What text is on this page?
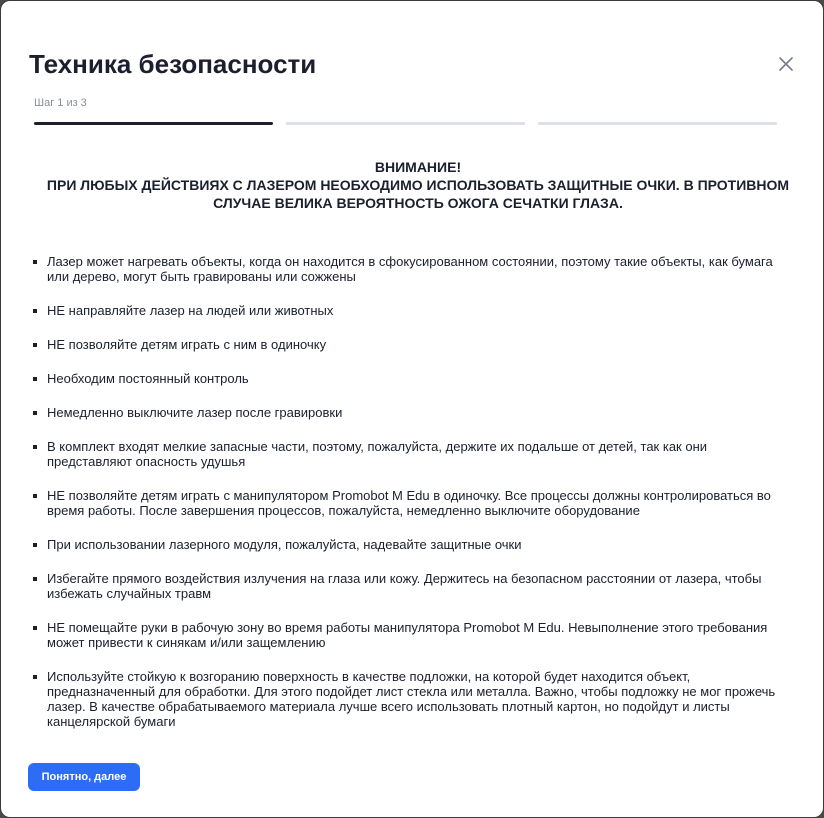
Техника безопасности
Шаг 1 из 3
ВНИМАНИЕ!
ПРИ ЛЮБЫХ ДЕЙСТВИЯХ С ЛАЗЕРОМ НЕОБХОДИМО ИСПОЛЬЗОВАТЬ ЗАЩИТНЫЕ ОЧКИ. В ПРОТИВНОМ СЛУЧАЕ ВЕЛИКА ВЕРОЯТНОСТЬ ОЖОГА СЕЧАТКИ ГЛАЗА.
Лазер может нагревать объекты, когда он находится в сфокусированном состоянии, поэтому такие объекты, как бумага или дерево, могут быть гравированы или сожжены
НЕ направляйте лазер на людей или животных
НЕ позволяйте детям играть с ним в одиночку
Необходим постоянный контроль
Немедленно выключите лазер после гравировки
В комплект входят мелкие запасные части, поэтому, пожалуйста, держите их подальше от детей, так как они представляют опасность удушья
НЕ позволяйте детям играть с манипулятором Promobot M Edu в одиночку. Все процессы должны контролироваться во время работы. После завершения процессов, пожалуйста, немедленно выключите оборудование
При использовании лазерного модуля, пожалуйста, надевайте защитные очки
Избегайте прямого воздействия излучения на глаза или кожу. Держитесь на безопасном расстоянии от лазера, чтобы избежать случайных травм
НЕ помещайте руки в рабочую зону во время работы манипулятора Promobot M Edu. Невыполнение этого требования может привести к синякам и/или защемлению
Используйте стойкую к возгоранию поверхность в качестве подложки, на которой будет находится объект, предназначенный для обработки. Для этого подойдет лист стекла или металла. Важно, чтобы подложку не мог прожечь лазер. В качестве обрабатываемого материала лучше всего использовать плотный картон, но подойдут и листы канцелярской бумаги
Понятно, далее
